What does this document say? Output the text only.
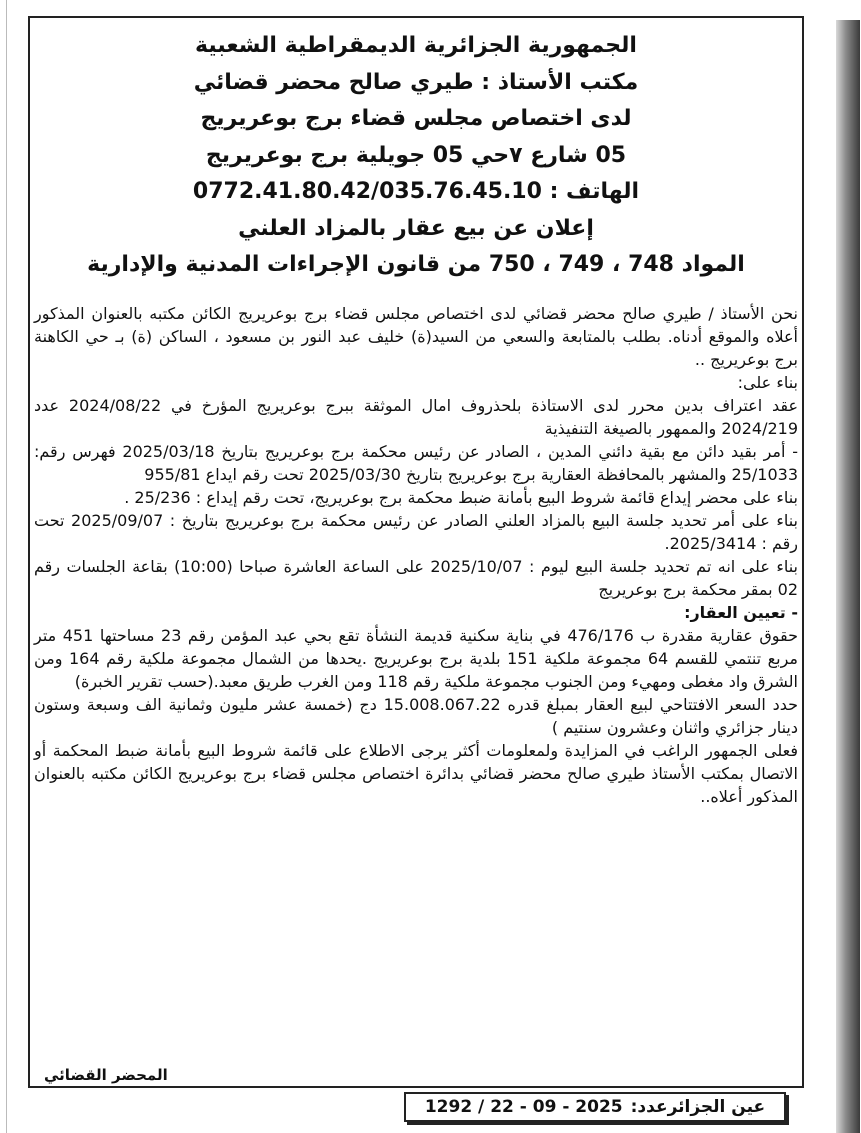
الجمهورية الجزائرية الديمقراطية الشعبية
مكتب الأستاذ : طيري صالح محضر قضائي
لدى اختصاص مجلس قضاء برج بوعريريج
05 شارع ٧حي 05 جويلية برج بوعريريج
الهاتف : 0772.41.80.42/035.76.45.10
إعلان عن بيع عقار بالمزاد العلني
المواد 748 ، 749 ، 750 من قانون الإجراءات المدنية والإدارية

نحن الأستاذ / طيري صالح محضر قضائي لدى اختصاص مجلس قضاء برج بوعريريج الكائن مكتبه بالعنوان المذكور أعلاه والموقع أدناه. بطلب بالمتابعة والسعي من السيد(ة) خليف عبد النور بن مسعود ، الساكن (ة) بـ حي الكاهنة برج بوعريريج ..

بناء على:

عقد اعتراف بدين محرر لدى الاستاذة بلحذروف امال الموثقة ببرج بوعريريج المؤرخ في 2024/08/22 عدد 2024/219 والممهور بالصيغة التنفيذية

- أمر بقيد دائن مع بقية دائني المدين ، الصادر عن رئيس محكمة برج بوعريريج بتاريخ 2025/03/18 فهرس رقم: 25/1033 والمشهر بالمحافظة العقارية برج بوعريريج بتاريخ 2025/03/30 تحت رقم ايداع 955/81

بناء على محضر إيداع قائمة شروط البيع بأمانة ضبط محكمة برج بوعريريج، تحت رقم إيداع : 25/236 .

بناء على أمر تحديد جلسة البيع بالمزاد العلني الصادر عن رئيس محكمة برج بوعريريج بتاريخ : 2025/09/07 تحت رقم : 2025/3414.

بناء على انه تم تحديد جلسة البيع ليوم : 2025/10/07 على الساعة العاشرة صباحا (10:00) بقاعة الجلسات رقم 02 بمقر محكمة برج بوعريريج

- تعيين العقار:

حقوق عقارية مقدرة ب 476/176 في بناية سكنية قديمة النشأة تقع بحي عبد المؤمن رقم 23 مساحتها 451 متر مربع تنتمي للقسم 64 مجموعة ملكية 151 بلدية برج بوعريريج .يحدها من الشمال مجموعة ملكية رقم 164 ومن الشرق واد مغطى ومهيء ومن الجنوب مجموعة ملكية رقم 118 ومن الغرب طريق معبد.(حسب تقرير الخبرة)

حدد السعر الافتتاحي لبيع العقار بمبلغ قدره 15.008.067.22 دج (خمسة عشر مليون وثمانية الف وسبعة وستون دينار جزائري واثنان وعشرون سنتيم )

فعلى الجمهور الراغب في المزايدة ولمعلومات أكثر يرجى الاطلاع على قائمة شروط البيع بأمانة ضبط المحكمة أو الاتصال بمكتب الأستاذ طيري صالح محضر قضائي بدائرة اختصاص مجلس قضاء برج بوعريريج الكائن مكتبه بالعنوان المذكور أعلاه..

المحضر القضائي
عين الجزائرعدد:
1292 / 22 - 09 - 2025
